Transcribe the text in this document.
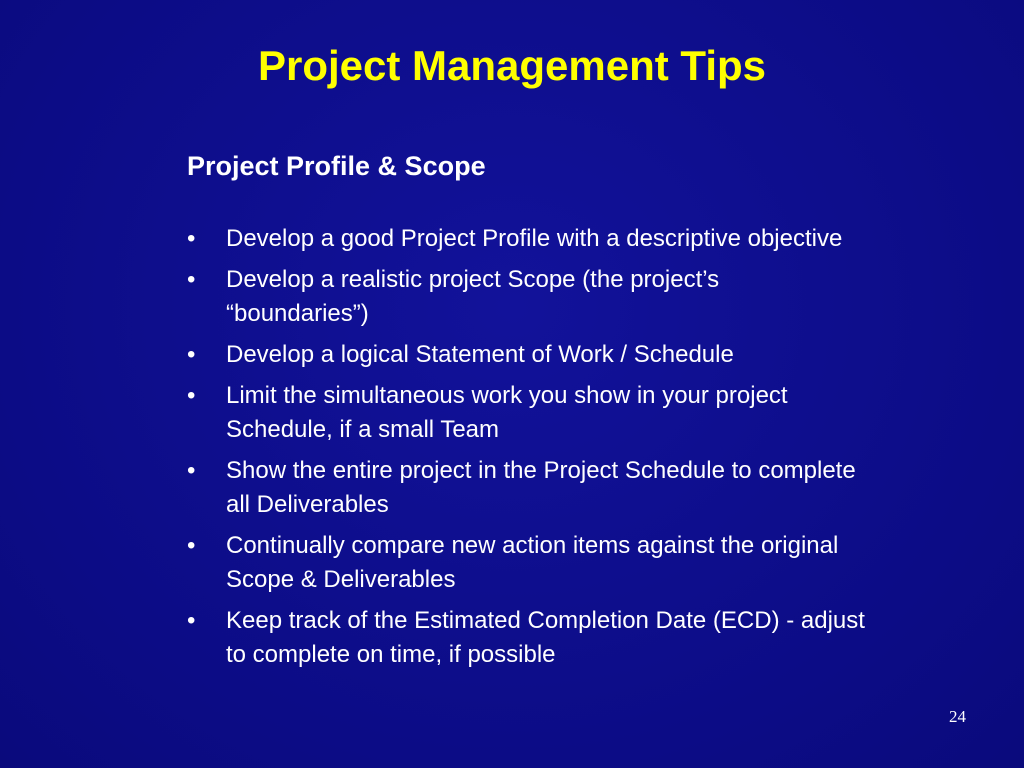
Project Management Tips
Project Profile & Scope
• Develop a good Project Profile with a descriptive objective
• Develop a realistic project Scope (the project’s “boundaries”)
• Develop a logical Statement of Work / Schedule
• Limit the simultaneous work you show in your project Schedule, if a small Team
• Show the entire project in the Project Schedule to complete all Deliverables
• Continually compare new action items against the original Scope & Deliverables
• Keep track of the Estimated Completion Date (ECD) - adjust to complete on time, if possible
24
